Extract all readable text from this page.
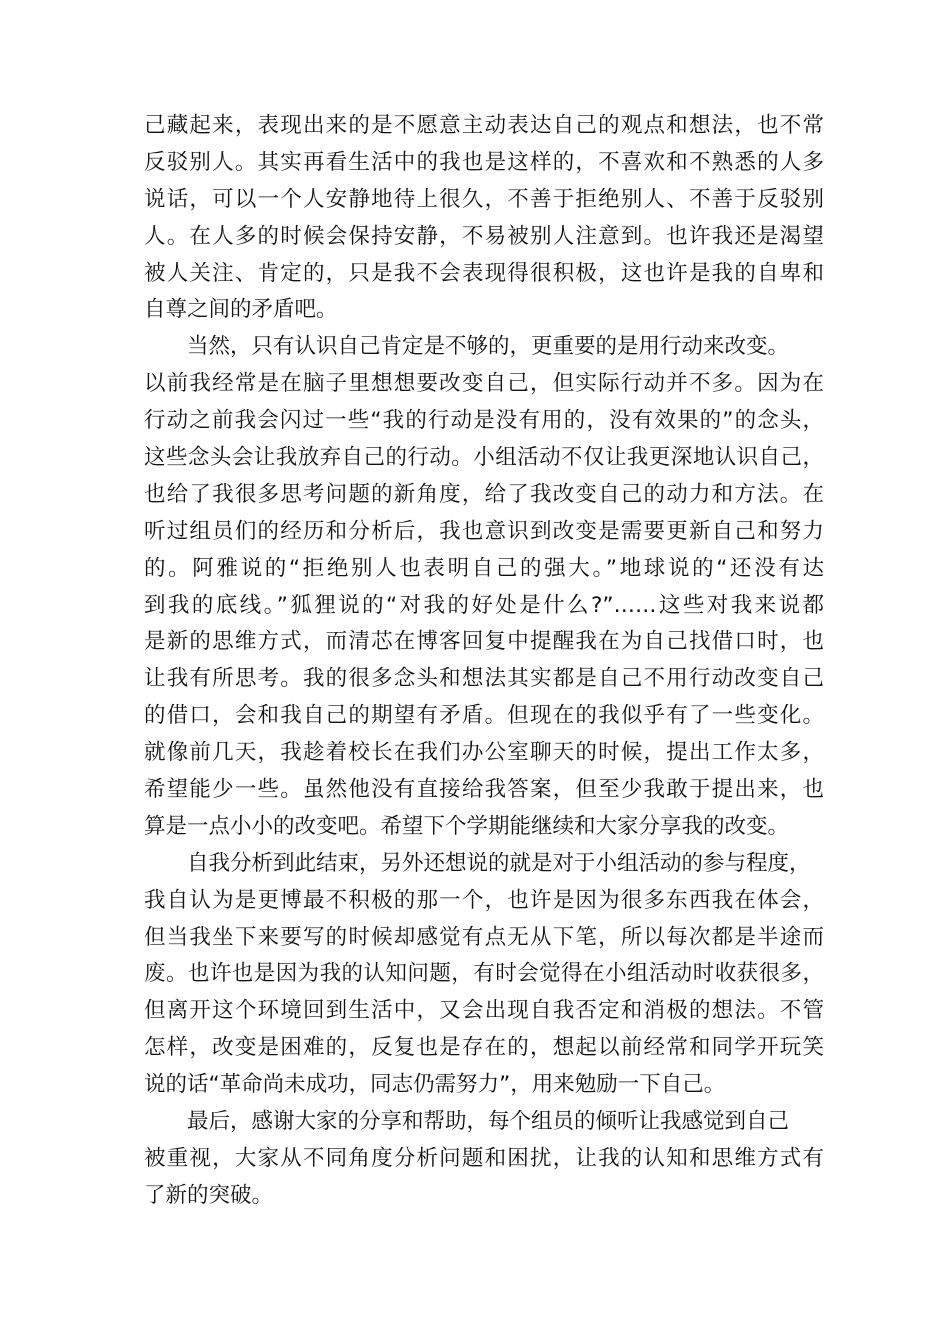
己藏起来，表现出来的是不愿意主动表达自己的观点和想法，也不常
反驳别人。其实再看生活中的我也是这样的，不喜欢和不熟悉的人多
说话，可以一个人安静地待上很久，不善于拒绝别人、不善于反驳别
人。在人多的时候会保持安静，不易被别人注意到。也许我还是渴望
被人关注、肯定的，只是我不会表现得很积极，这也许是我的自卑和
自尊之间的矛盾吧。
当然，只有认识自己肯定是不够的，更重要的是用行动来改变。
以前我经常是在脑子里想想要改变自己，但实际行动并不多。因为在
行动之前我会闪过一些“我的行动是没有用的，没有效果的”的念头，
这些念头会让我放弃自己的行动。小组活动不仅让我更深地认识自己，
也给了我很多思考问题的新角度，给了我改变自己的动力和方法。在
听过组员们的经历和分析后，我也意识到改变是需要更新自己和努力
的。阿雅说的“拒绝别人也表明自己的强大。”地球说的“还没有达
到我的底线。”狐狸说的“对我的好处是什么?”……这些对我来说都
是新的思维方式，而清芯在博客回复中提醒我在为自己找借口时，也
让我有所思考。我的很多念头和想法其实都是自己不用行动改变自己
的借口，会和我自己的期望有矛盾。但现在的我似乎有了一些变化。
就像前几天，我趁着校长在我们办公室聊天的时候，提出工作太多，
希望能少一些。虽然他没有直接给我答案，但至少我敢于提出来，也
算是一点小小的改变吧。希望下个学期能继续和大家分享我的改变。
自我分析到此结束，另外还想说的就是对于小组活动的参与程度，
我自认为是更博最不积极的那一个，也许是因为很多东西我在体会，
但当我坐下来要写的时候却感觉有点无从下笔，所以每次都是半途而
废。也许也是因为我的认知问题，有时会觉得在小组活动时收获很多，
但离开这个环境回到生活中，又会出现自我否定和消极的想法。不管
怎样，改变是困难的，反复也是存在的，想起以前经常和同学开玩笑
说的话“革命尚未成功，同志仍需努力”，用来勉励一下自己。
最后，感谢大家的分享和帮助，每个组员的倾听让我感觉到自己
被重视，大家从不同角度分析问题和困扰，让我的认知和思维方式有
了新的突破。
